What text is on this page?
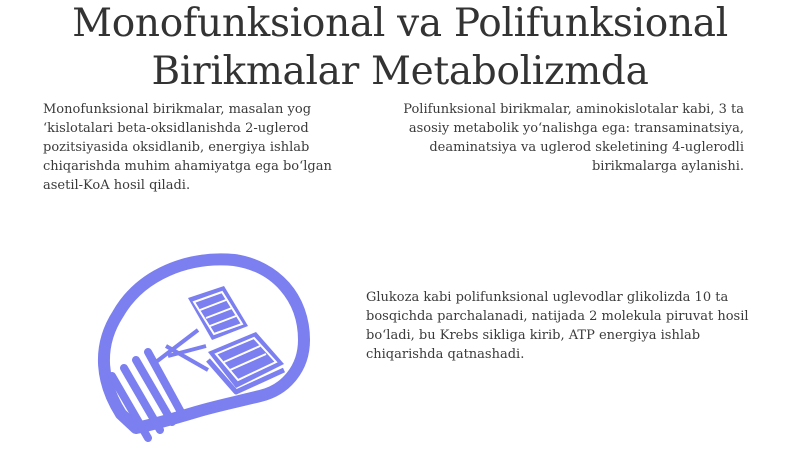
Monofunksional va Polifunksional
Birikmalar Metabolizmda

Monofunksional birikmalar, masalan yog ʻkislotalari beta-oksidlanishda 2-uglerod pozitsiyasida oksidlanib, energiya ishlab chiqarishda muhim ahamiyatga ega boʻlgan asetil-KoA hosil qiladi.

Polifunksional birikmalar, aminokislotalar kabi, 3 ta asosiy metabolik yoʻnalishga ega: transaminatsiya, deaminatsiya va uglerod skeletining 4-uglerodli birikmalarga aylanishi.

Glukoza kabi polifunksional uglevodlar glikolizda 10 ta bosqichda parchalanadi, natijada 2 molekula piruvat hosil boʻladi, bu Krebs sikliga kirib, ATP energiya ishlab chiqarishda qatnashadi.
